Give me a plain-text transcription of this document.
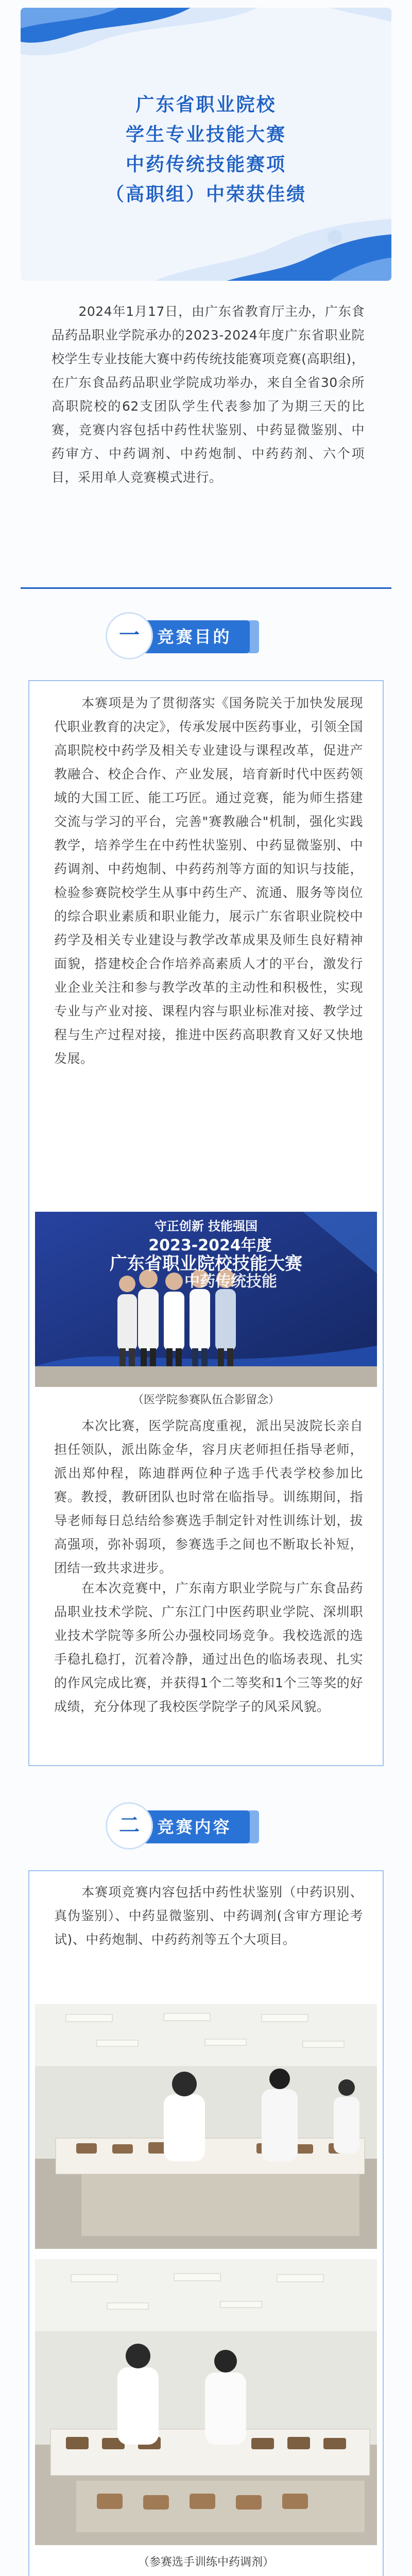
广东省职业院校
学生专业技能大赛
中药传统技能赛项
（高职组）中荣获佳绩
2024年1月17日，由广东省教育厅主办，广东食品药品职业学院承办的2023-2024年度广东省职业院校学生专业技能大赛中药传统技能赛项竞赛(高职组)，在广东食品药品职业学院成功举办，来自全省30余所高职院校的62支团队学生代表参加了为期三天的比赛，竞赛内容包括中药性状鉴别、中药显微鉴别、中药审方、中药调剂、中药炮制、中药药剂、六个项目，采用单人竞赛模式进行。
竞赛目的
一
本赛项是为了贯彻落实《国务院关于加快发展现代职业教育的决定》，传承发展中医药事业，引领全国高职院校中药学及相关专业建设与课程改革，促进产教融合、校企合作、产业发展，培育新时代中医药领域的大国工匠、能工巧匠。通过竞赛，能为师生搭建交流与学习的平台，完善"赛教融合"机制，强化实践教学，培养学生在中药性状鉴别、中药显微鉴别、中药调剂、中药炮制、中药药剂等方面的知识与技能，检验参赛院校学生从事中药生产、流通、服务等岗位的综合职业素质和职业能力，展示广东省职业院校中药学及相关专业建设与教学改革成果及师生良好精神面貌，搭建校企合作培养高素质人才的平台，激发行业企业关注和参与教学改革的主动性和积极性，实现专业与产业对接、课程内容与职业标准对接、教学过程与生产过程对接，推进中医药高职教育又好又快地发展。
守正创新 技能强国
2023-2024年度
广东省职业院校技能大赛
中药传统技能
（医学院参赛队伍合影留念）
本次比赛，医学院高度重视，派出吴波院长亲自担任领队，派出陈金华，容月庆老师担任指导老师，派出郑仲程，陈迪群两位种子选手代表学校参加比赛。教授，教研团队也时常在临指导。训练期间，指导老师每日总结给参赛选手制定针对性训练计划，拔高强项，弥补弱项，参赛选手之间也不断取长补短，团结一致共求进步。
在本次竞赛中，广东南方职业学院与广东食品药品职业技术学院、广东江门中医药职业学院、深圳职业技术学院等多所公办强校同场竞争。我校选派的选手稳扎稳打，沉着冷静，通过出色的临场表现、扎实的作风完成比赛，并获得1个二等奖和1个三等奖的好成绩，充分体现了我校医学院学子的风采风貌。
竞赛内容
二
本赛项竞赛内容包括中药性状鉴别（中药识别、真伪鉴别）、中药显微鉴别、中药调剂(含审方理论考试)、中药炮制、中药药剂等五个大项目。
（参赛选手训练中药调剂）
